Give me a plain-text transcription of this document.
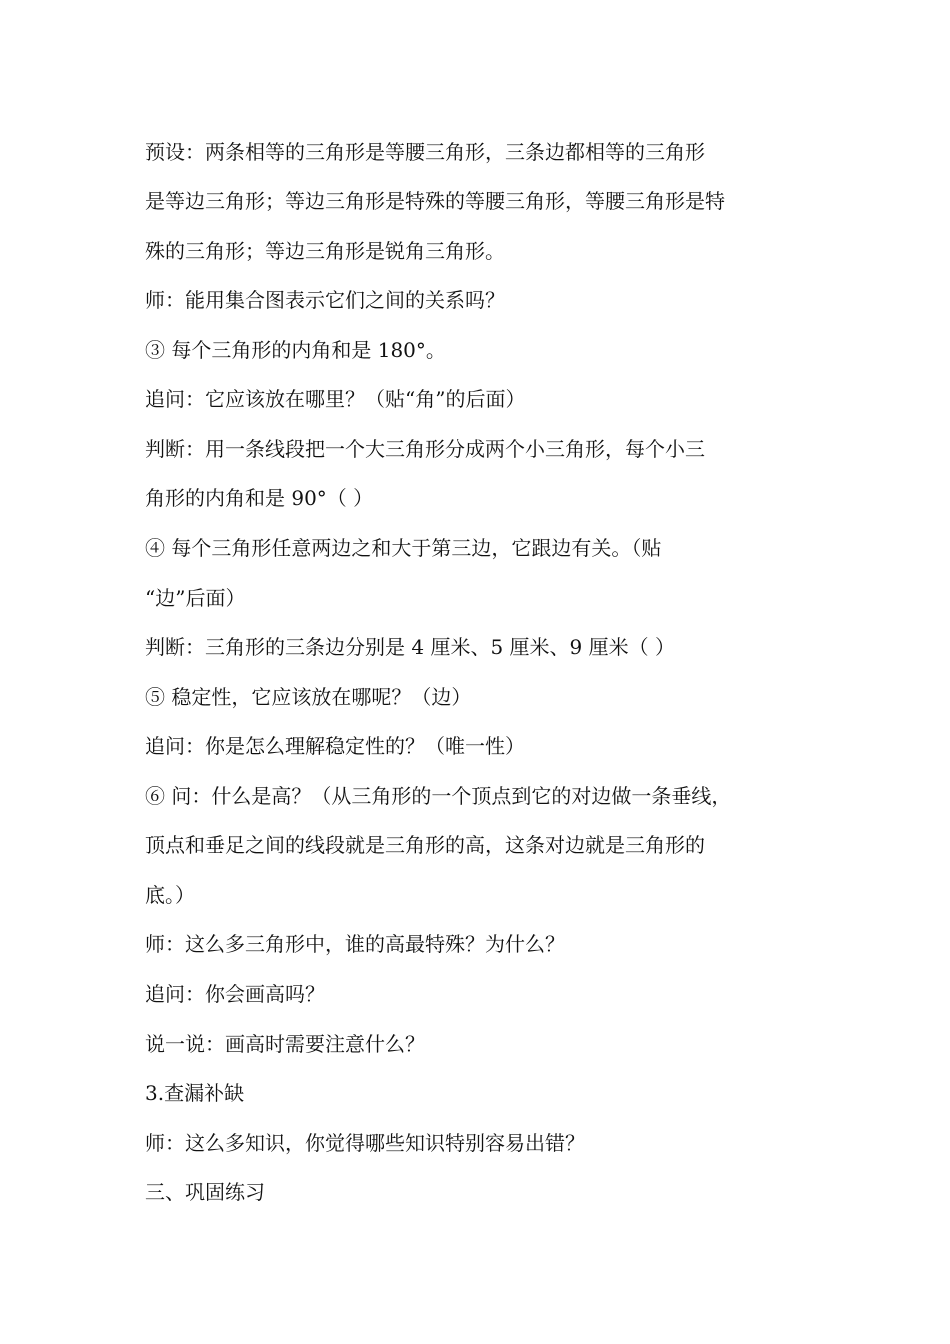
预设：两条相等的三角形是等腰三角形，三条边都相等的三角形
是等边三角形；等边三角形是特殊的等腰三角形，等腰三角形是特
殊的三角形；等边三角形是锐角三角形。
师：能用集合图表示它们之间的关系吗？
③ 每个三角形的内角和是 180°。
追问：它应该放在哪里？（贴“角”的后面）
判断：用一条线段把一个大三角形分成两个小三角形，每个小三
角形的内角和是 90°（ ）
④ 每个三角形任意两边之和大于第三边，它跟边有关。（贴
“边”后面）
判断：三角形的三条边分别是 4 厘米、5 厘米、9 厘米（ ）
⑤ 稳定性，它应该放在哪呢？（边）
追问：你是怎么理解稳定性的？（唯一性）
⑥ 问：什么是高？（从三角形的一个顶点到它的对边做一条垂线，
顶点和垂足之间的线段就是三角形的高，这条对边就是三角形的
底。）
师：这么多三角形中，谁的高最特殊？为什么？
追问：你会画高吗？
说一说：画高时需要注意什么？
3.查漏补缺
师：这么多知识，你觉得哪些知识特别容易出错？
三、巩固练习
